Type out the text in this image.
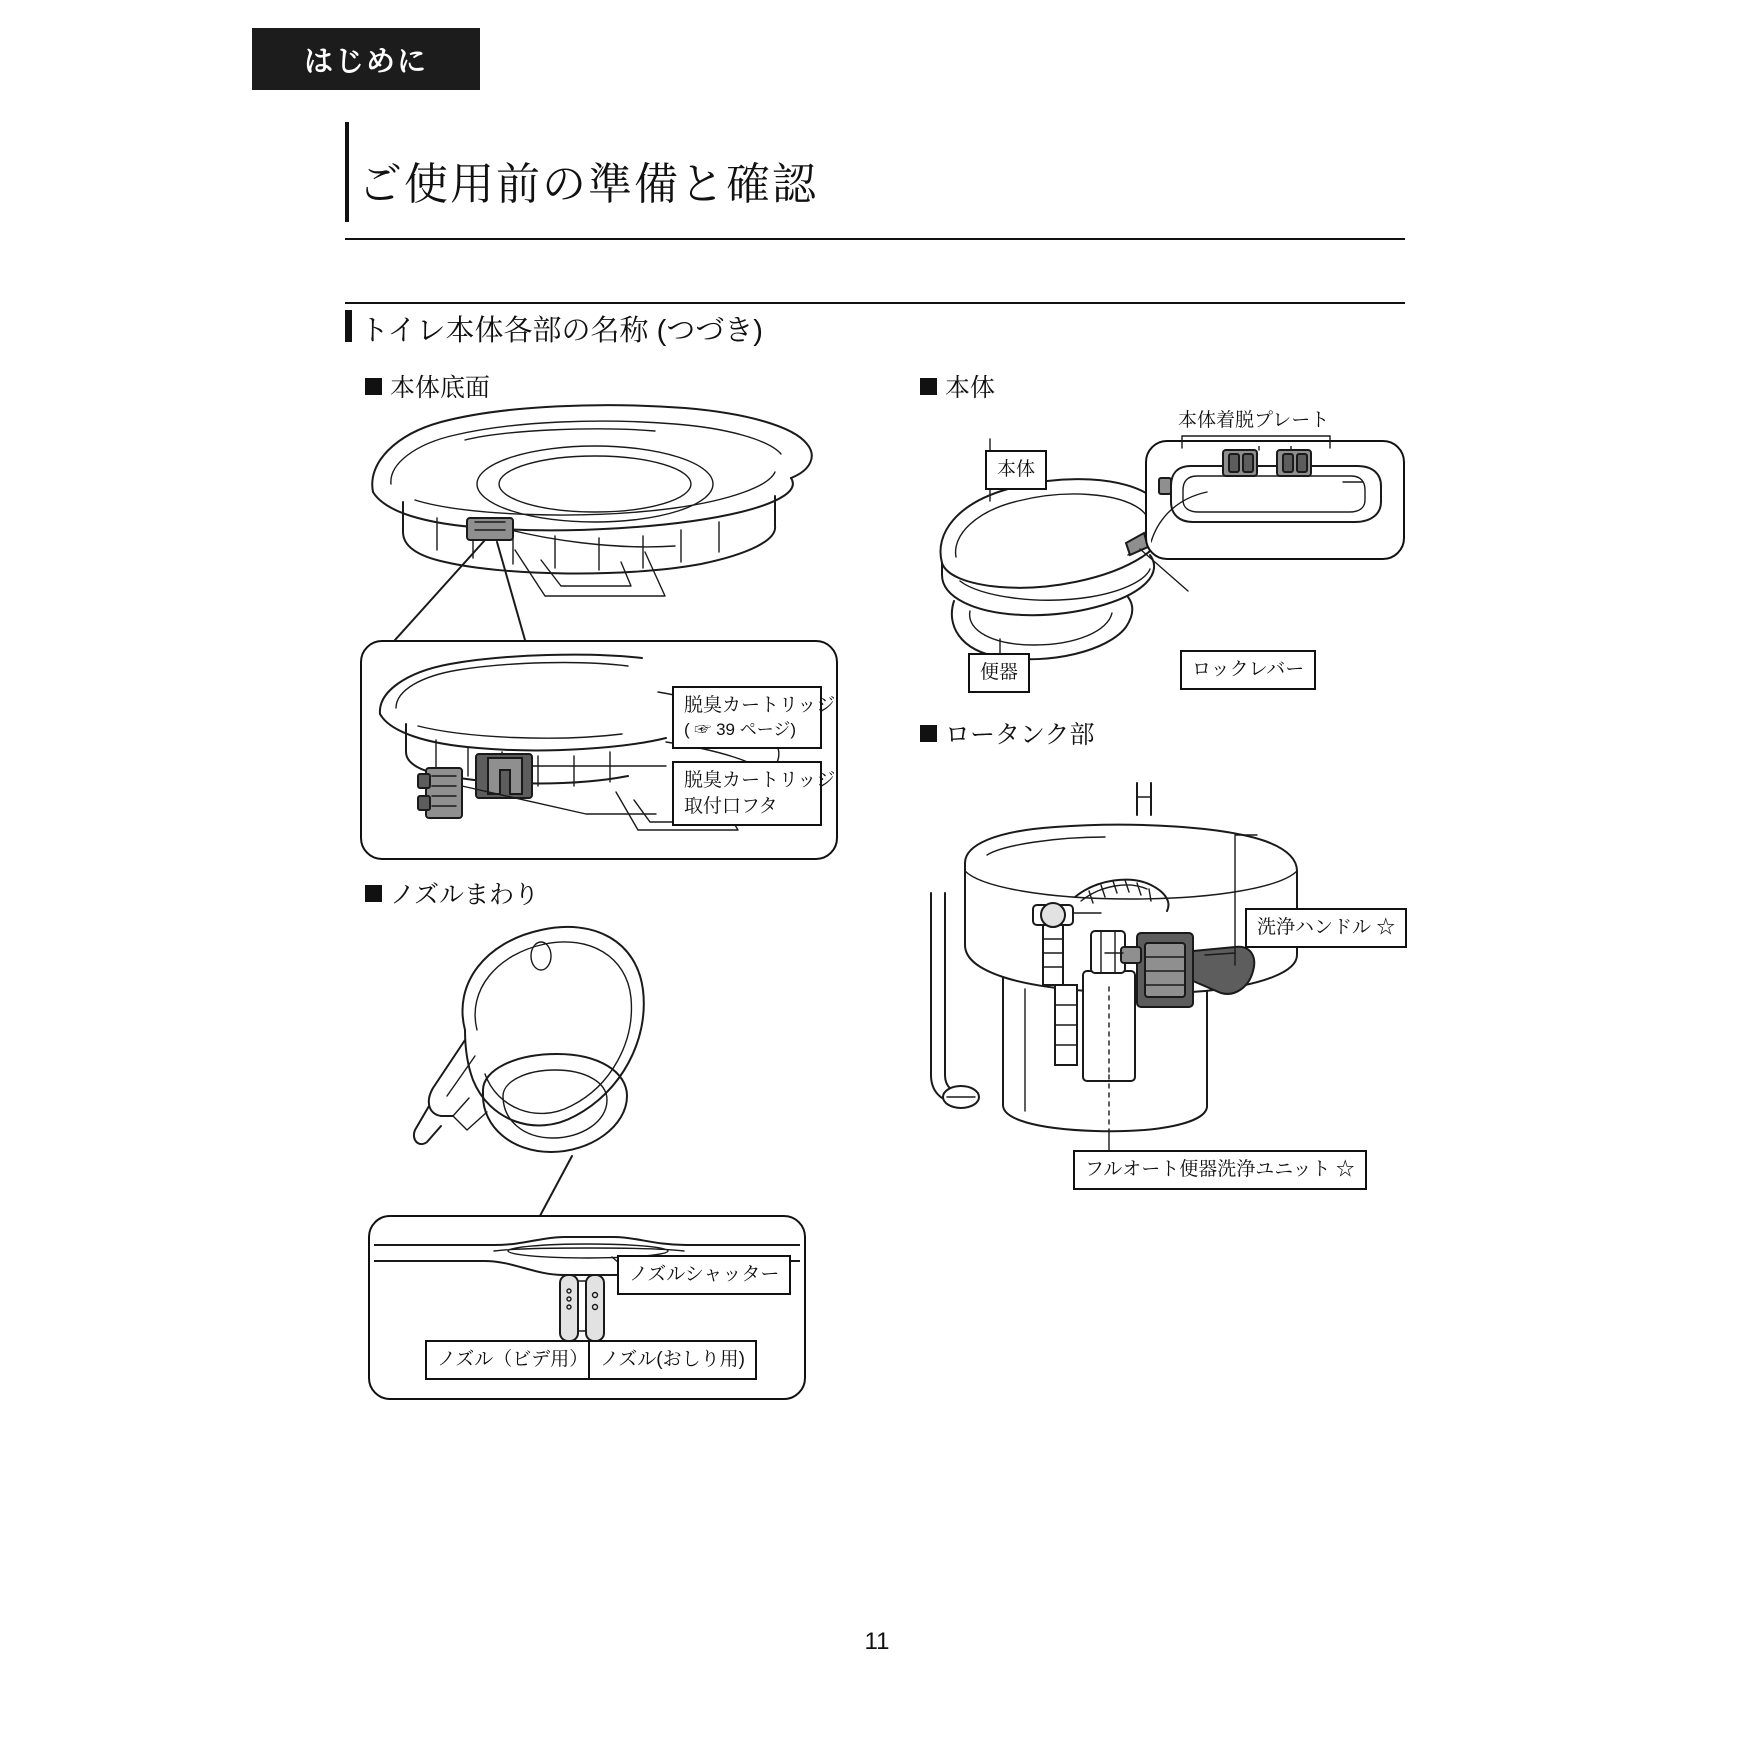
はじめに
ご使用前の準備と確認
トイレ本体各部の名称 (つづき)
本体底面	本体
ノズルまわり
ロータンク部
脱臭カートリッジ
( ☞ 39 ページ)
脱臭カートリッジ
取付口フタ
ノズルシャッター
ノズル（ビデ用） ノズル(おしり用)
本体
便器	ロックレバー
本体着脱プレート
洗浄ハンドル ☆
フルオート便器洗浄ユニット ☆
11
